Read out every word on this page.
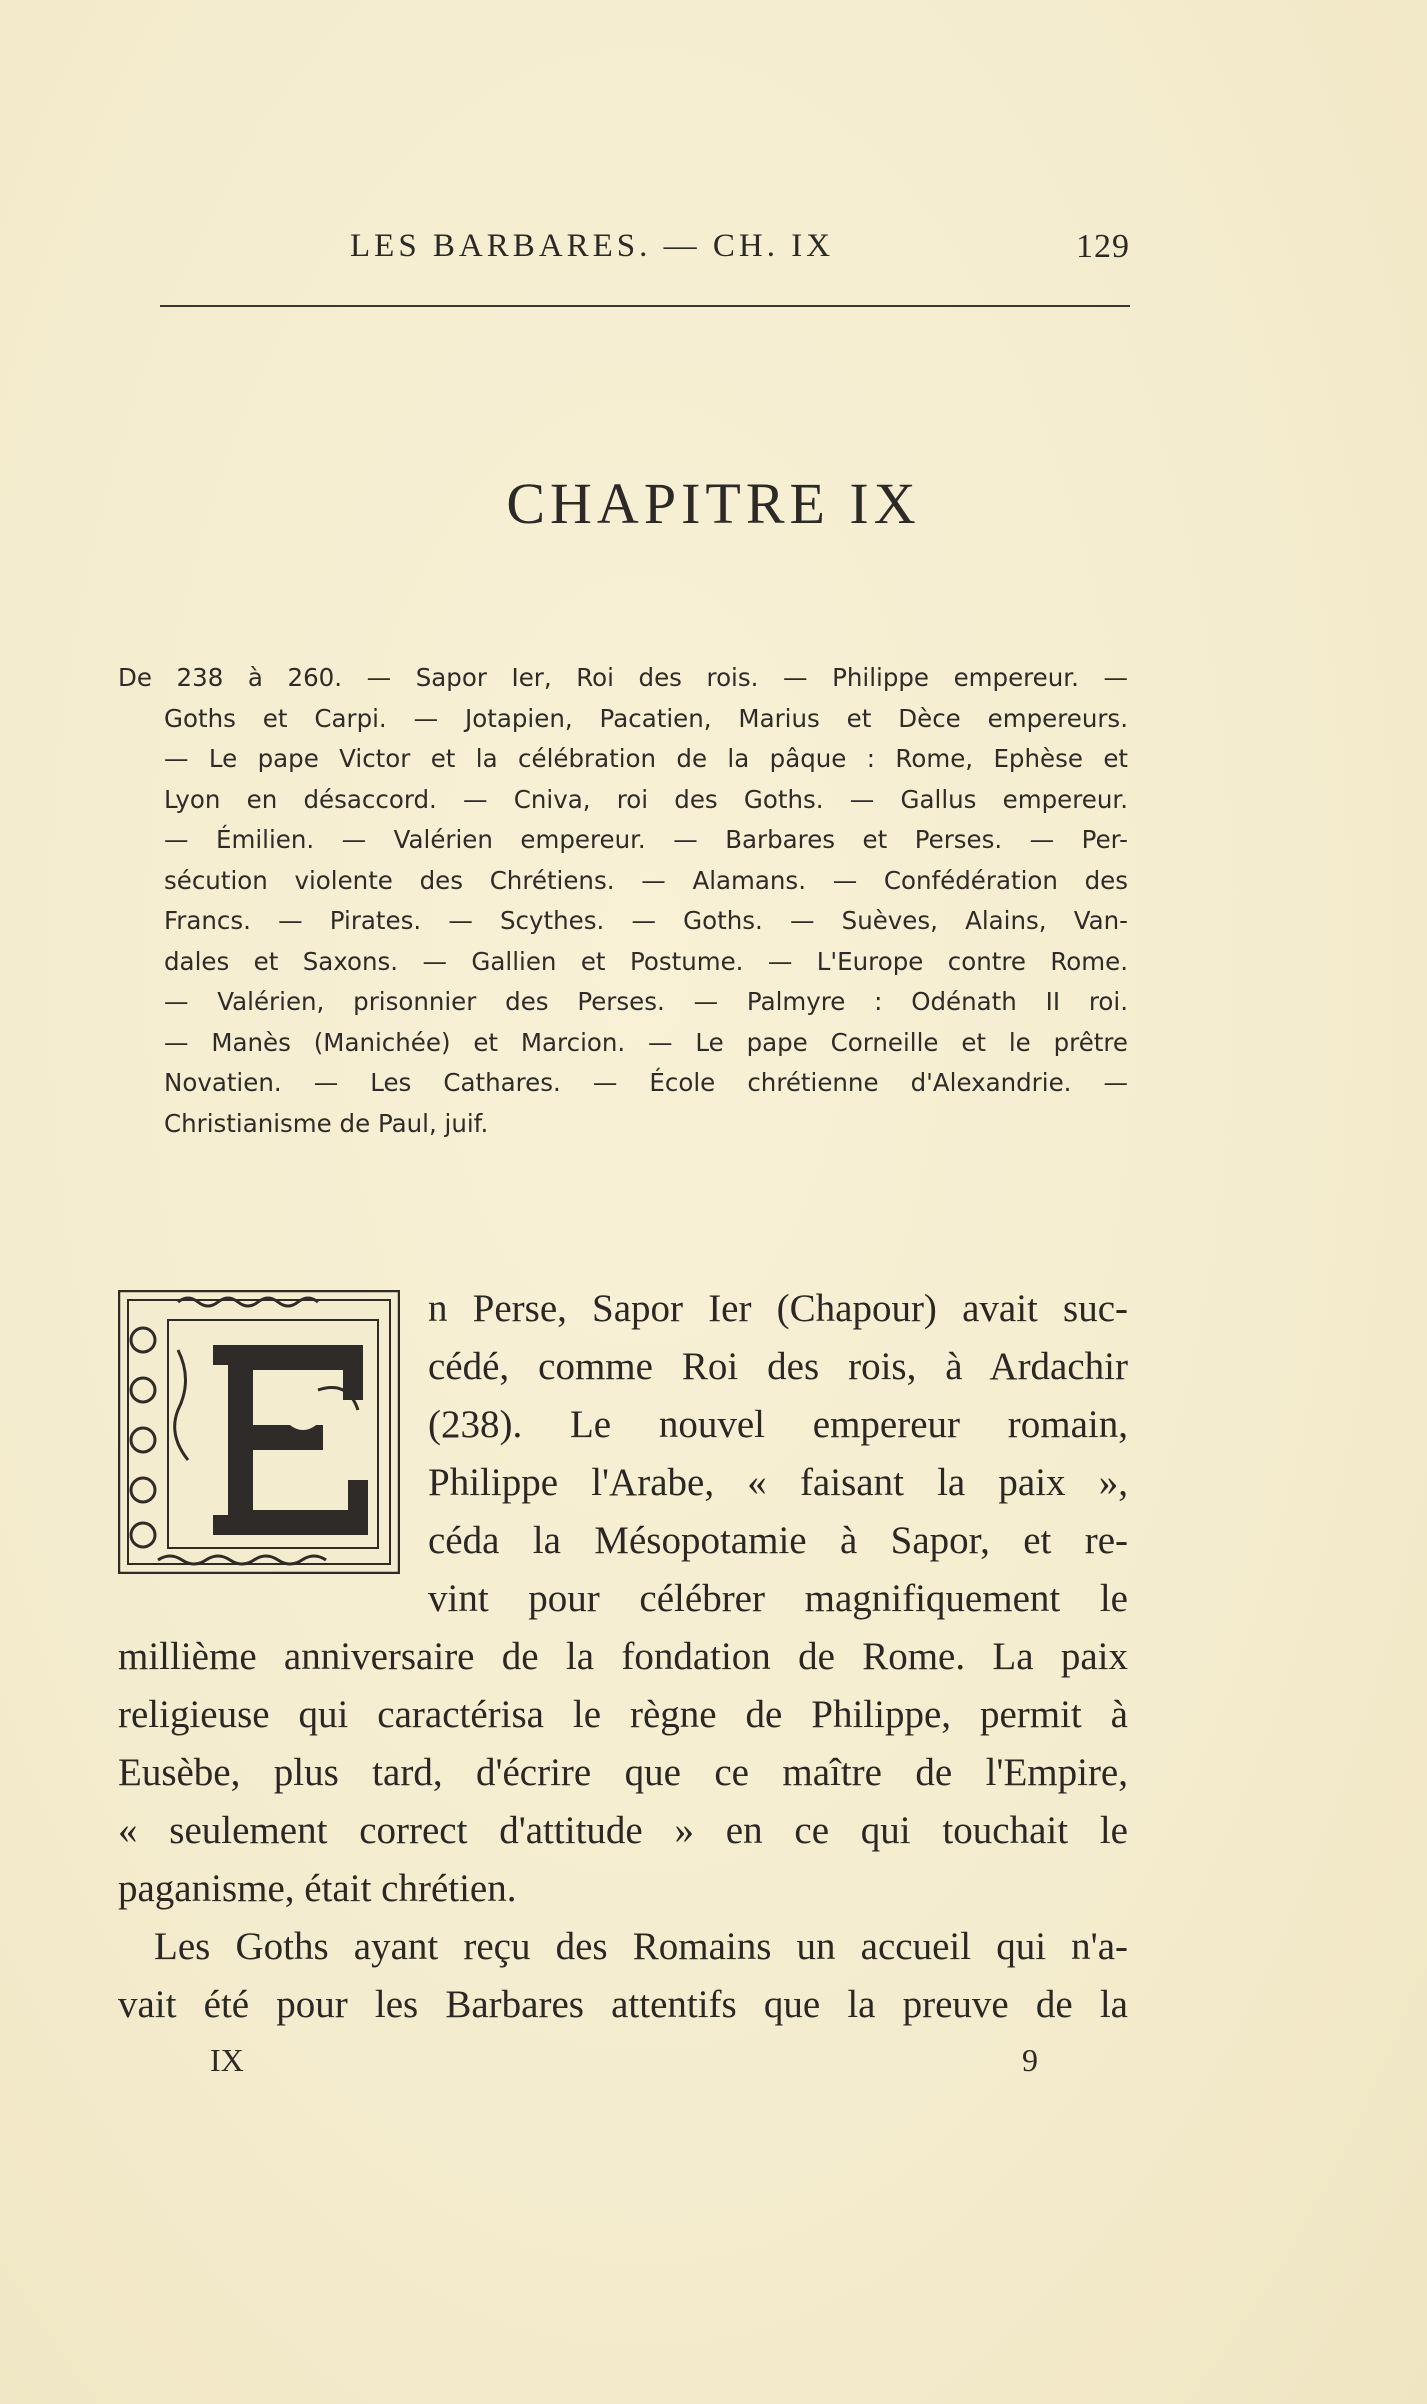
LES BARBARES. — CH. IX	129
CHAPITRE IX
De 238 à 260. — Sapor Ier, Roi des rois. — Philippe empereur. —
Goths et Carpi. — Jotapien, Pacatien, Marius et Dèce empereurs.
— Le pape Victor et la célébration de la pâque : Rome, Ephèse et
Lyon en désaccord. — Cniva, roi des Goths. — Gallus empereur.
— Émilien. — Valérien empereur. — Barbares et Perses. — Per-
sécution violente des Chrétiens. — Alamans. — Confédération des
Francs. — Pirates. — Scythes. — Goths. — Suèves, Alains, Van-
dales et Saxons. — Gallien et Postume. — L'Europe contre Rome.
— Valérien, prisonnier des Perses. — Palmyre : Odénath II roi.
— Manès (Manichée) et Marcion. — Le pape Corneille et le prêtre
Novatien. — Les Cathares. — École chrétienne d'Alexandrie. —
Christianisme de Paul, juif.
n Perse, Sapor Ier (Chapour) avait suc-
cédé, comme Roi des rois, à Ardachir
(238). Le nouvel empereur romain,
Philippe l'Arabe, « faisant la paix »,
céda la Mésopotamie à Sapor, et re-
vint pour célébrer magnifiquement le
millième anniversaire de la fondation de Rome. La paix
religieuse qui caractérisa le règne de Philippe, permit à
Eusèbe, plus tard, d'écrire que ce maître de l'Empire,
« seulement correct d'attitude » en ce qui touchait le
paganisme, était chrétien.
Les Goths ayant reçu des Romains un accueil qui n'a-
vait été pour les Barbares attentifs que la preuve de la
IX	9
